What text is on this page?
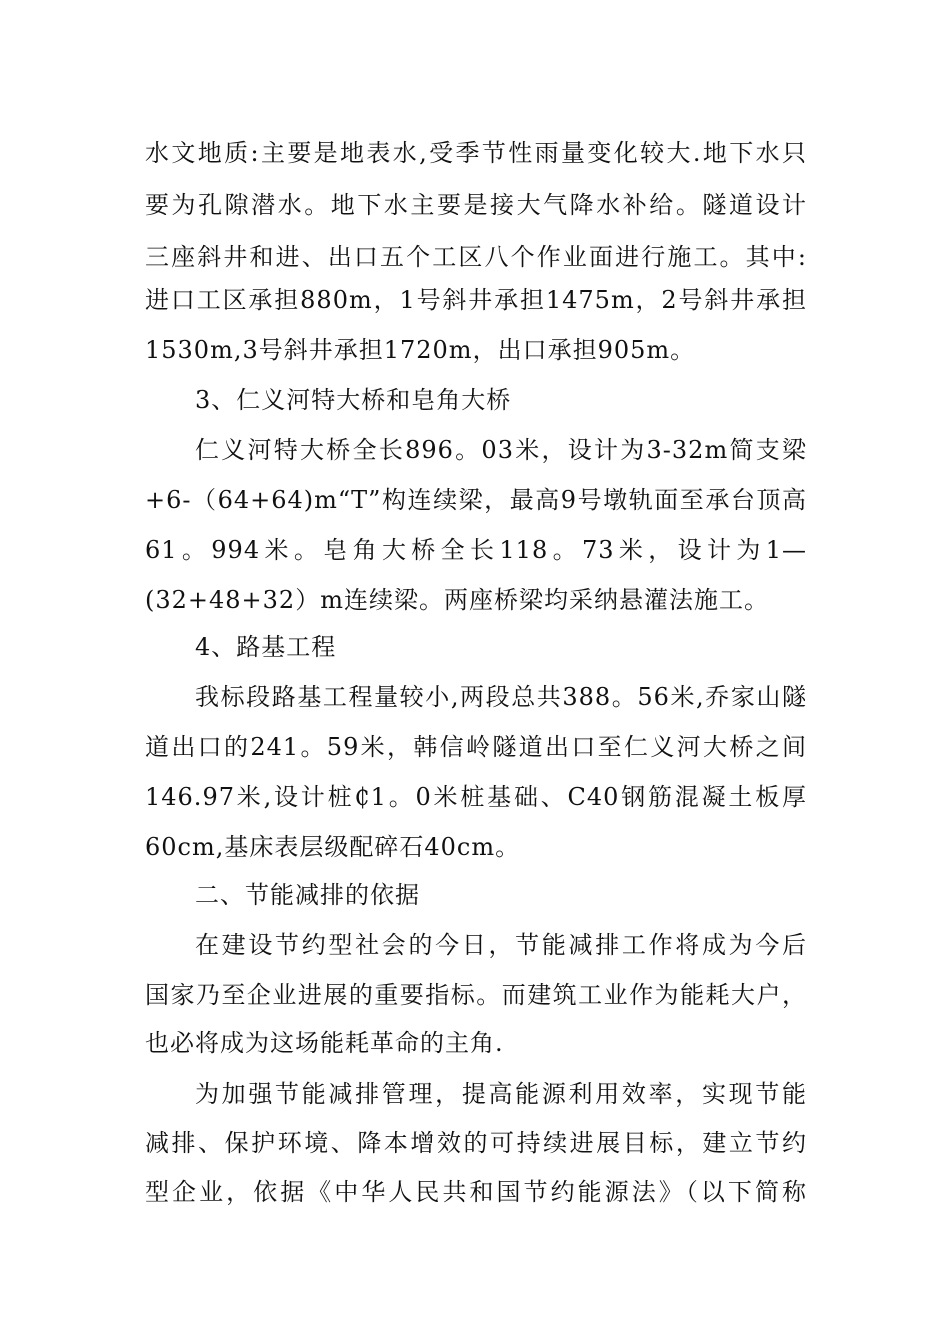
水文地质:主要是地表水,受季节性雨量变化较大.地下水只
要为孔隙潜水。地下水主要是接大气降水补给。隧道设计
三座斜井和进、出口五个工区八个作业面进行施工。其中:
进口工区承担880m，1号斜井承担1475m，2号斜井承担
1530m,3号斜井承担1720m，出口承担905m。
3、仁义河特大桥和皂角大桥
仁义河特大桥全长896。03米，设计为3-32m简支梁
+6-（64+64)m“T”构连续梁，最高9号墩轨面至承台顶高
61。994米。皂角大桥全长118。73米，设计为1—
(32+48+32）m连续梁。两座桥梁均采纳悬灌法施工。
4、路基工程
我标段路基工程量较小,两段总共388。56米,乔家山隧
道出口的241。59米，韩信岭隧道出口至仁义河大桥之间
146.97米,设计桩₵1。0米桩基础、C40钢筋混凝土板厚
60cm,基床表层级配碎石40cm。
二、节能减排的依据
在建设节约型社会的今日，节能减排工作将成为今后
国家乃至企业进展的重要指标。而建筑工业作为能耗大户，
也必将成为这场能耗革命的主角.
为加强节能减排管理，提高能源利用效率，实现节能
减排、保护环境、降本增效的可持续进展目标，建立节约
型企业，依据《中华人民共和国节约能源法》（以下简称
